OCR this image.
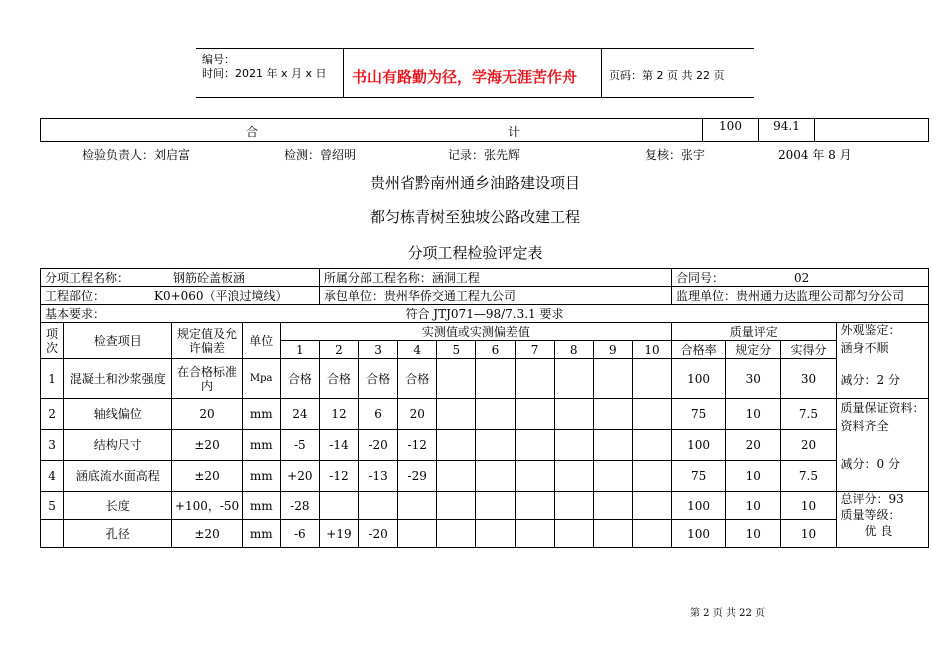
编号：
时间：2021 年 x 月 x 日 书山有路勤为径，学海无涯苦作舟	页码：第 2 页 共 22 页
合	计	100	94.1	
检验负责人：刘启富	检测：曾绍明	记录：张先辉	复核：张宇	2004 年 8 月
贵州省黔南州通乡油路建设项目
都匀栋青树至独坡公路改建工程
分项工程检验评定表
分项工程名称： 钢筋砼盖板涵					所属分部工程名称：涵洞工程									合同号： 02			

工程部位： K0+060（平浪过境线）					承包单位：贵州华侨交通工程九公司									监理单位：贵州通力达监理公司都匀分公司			

基本要求： 符合 JTJ071—98/7.3.1 要求																	
项次	检查项目	规定值及允许偏差	单位	实测值或实测偏差值										质量评定			外观鉴定：
涵身不顺
减分：2 分

				1	2	3	4	5	6	7	8	9	10	合格率	规定分	实得分	
1	混凝土和沙浆强度	在合格标准内	Mpa	合格	合格	合格	合格							100	30	30	
2	轴线偏位	20	mm	24	12	6	20							75	10	7.5	质量保证资料：
资料齐全
减分：0 分

3	结构尺寸	±20	mm	-5	-14	-20	-12							100	20	20	
4	涵底流水面高程	±20	mm	+20	-12	-13	-29							75	10	7.5	
5	长度	+100，-50	mm	-28										100	10	10	总评分：93
质量等级：
优 良

	孔径	±20	mm	-6	+19	-20								100	10	10	
第 2 页 共 22 页
